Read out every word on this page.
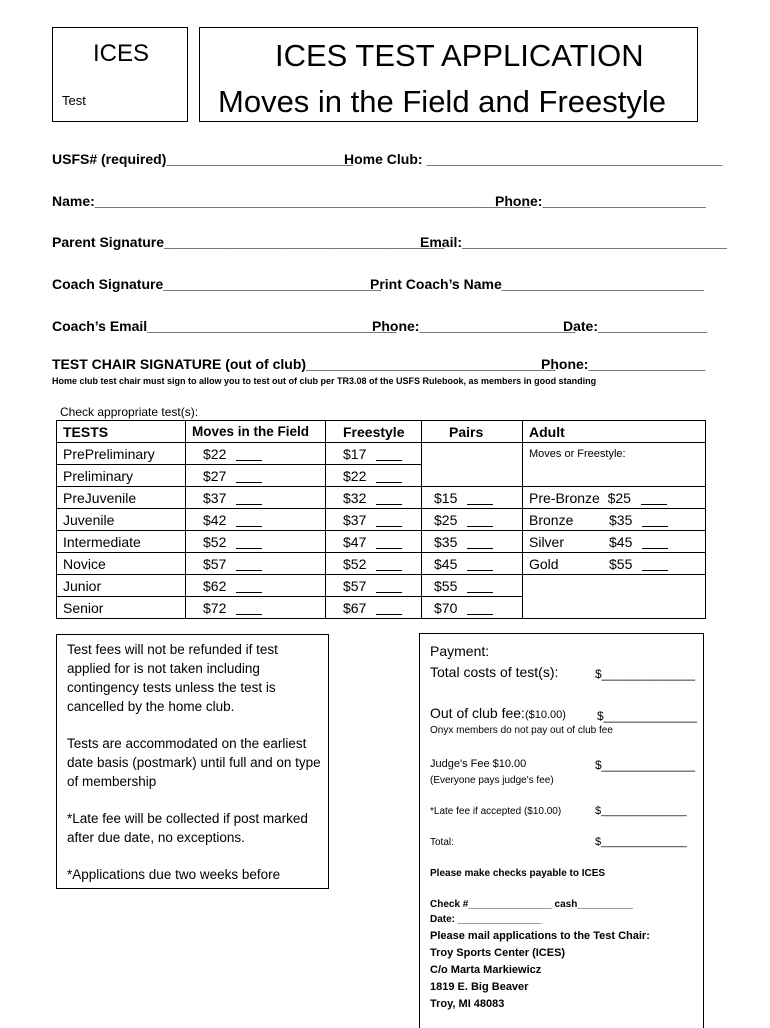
ICES
Test
ICES TEST APPLICATION
Moves in the Field and Freestyle
USFS# (required)________________________
Home Club: ______________________________________
Name:________________________________________________________
Phone:_____________________
Parent Signature____________________________________
Email:__________________________________
Coach Signature____________________________
Print Coach’s Name__________________________
Coach’s Email________________________________
Phone:____________________
Date:______________
TEST CHAIR SIGNATURE (out of club)________________________________
Phone:_______________
Home club test chair must sign to allow you to test out of club per TR3.08 of the USFS Rulebook, as members in good standing
Check appropriate test(s):
TESTS	Moves in the Field	Freestyle	Pairs	Adult
PrePreliminary	$22	$17		Moves or Freestyle:
Preliminary	$27	$22		
PreJuvenile	$37	$32	$15	Pre-Bronze $25
Juvenile	$42	$37	$25	Bronze $35
Intermediate	$52	$47	$35	Silver $45
Novice	$57	$52	$45	Gold $55
Junior	$62	$57	$55	
Senior	$72	$67	$70	

Test fees will not be refunded if test applied for is not taken including contingency tests unless the test is cancelled by the home club.

Tests are accommodated on the earliest date basis (postmark) until full and on type of membership

*Late fee will be collected if post marked after due date, no exceptions.

*Applications due two weeks before

Payment:
Total costs of test(s):	$______________
Out of club fee:($10.00)	$______________
Onyx members do not pay out of club fee
Judge's Fee $10.00	$______________
(Everyone pays judge's fee)
*Late fee if accepted ($10.00)	$______________
Total:	$______________
Please make checks payable to ICES
Check #_______________ cash__________
Date: _______________
Please mail applications to the Test Chair:
Troy Sports Center (ICES)
C/o Marta Markiewicz
1819 E. Big Beaver
Troy, MI 48083
